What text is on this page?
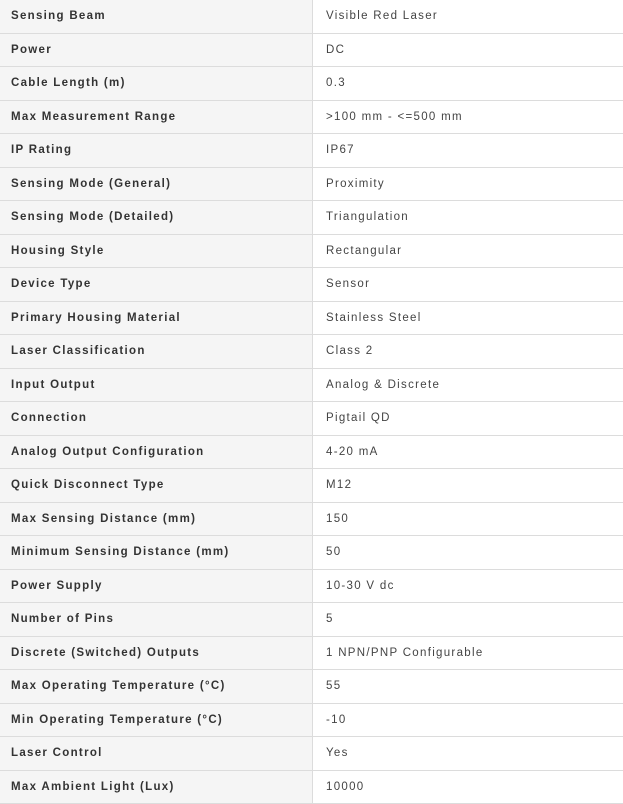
Sensing Beam	Visible Red Laser
Power	DC
Cable Length (m)	0.3
Max Measurement Range	>100 mm - <=500 mm
IP Rating	IP67
Sensing Mode (General)	Proximity
Sensing Mode (Detailed)	Triangulation
Housing Style	Rectangular
Device Type	Sensor
Primary Housing Material	Stainless Steel
Laser Classification	Class 2
Input Output	Analog & Discrete
Connection	Pigtail QD
Analog Output Configuration	4-20 mA
Quick Disconnect Type	M12
Max Sensing Distance (mm)	150
Minimum Sensing Distance (mm)	50
Power Supply	10-30 V dc
Number of Pins	5
Discrete (Switched) Outputs	1 NPN/PNP Configurable
Max Operating Temperature (°C)	55
Min Operating Temperature (°C)	-10
Laser Control	Yes
Max Ambient Light (Lux)	10000
